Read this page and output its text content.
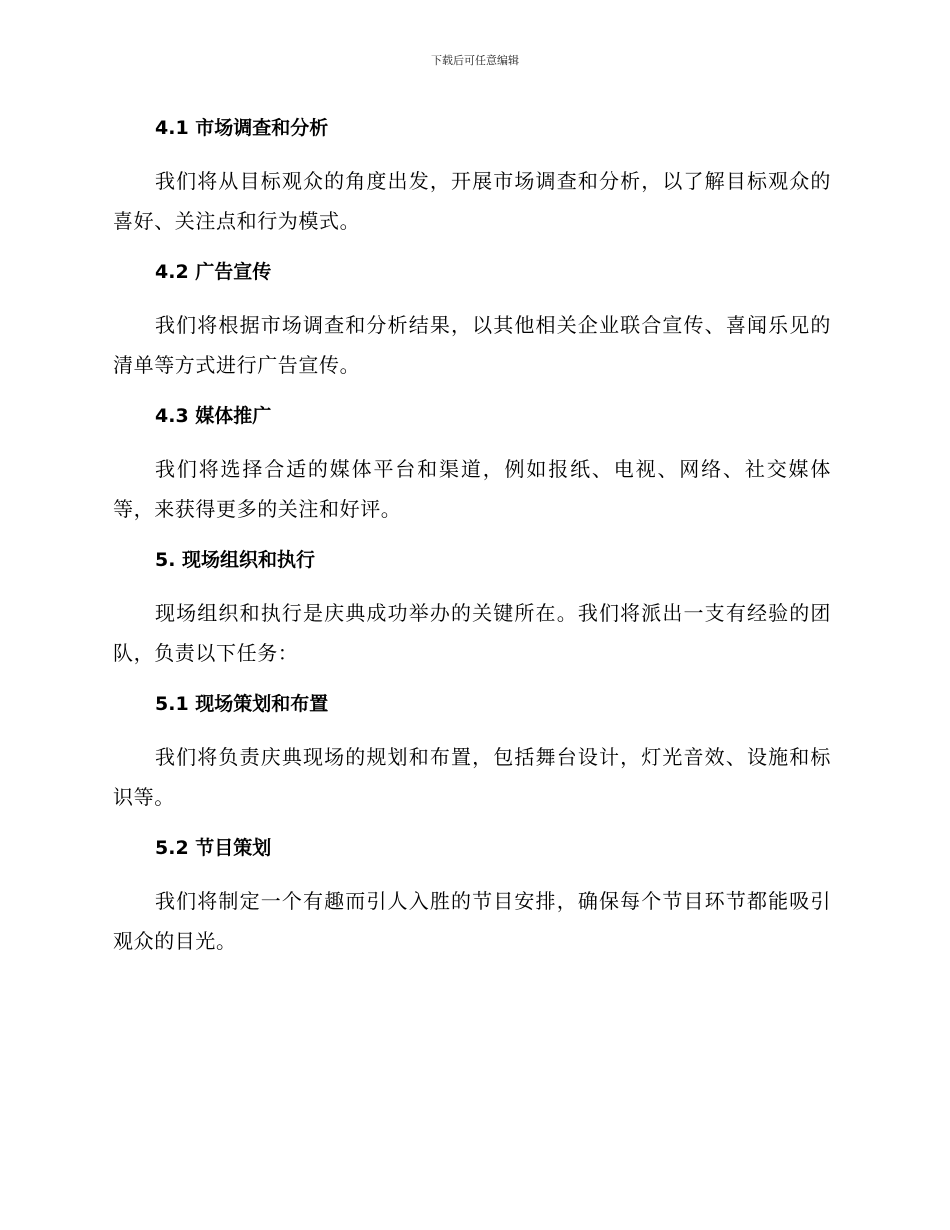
下载后可任意编辑
4.1 市场调查和分析

我们将从目标观众的角度出发，开展市场调查和分析，以了解目标观众的喜好、关注点和行为模式。

4.2 广告宣传

我们将根据市场调查和分析结果，以其他相关企业联合宣传、喜闻乐见的清单等方式进行广告宣传。

4.3 媒体推广

我们将选择合适的媒体平台和渠道，例如报纸、电视、网络、社交媒体等，来获得更多的关注和好评。

5. 现场组织和执行

现场组织和执行是庆典成功举办的关键所在。我们将派出一支有经验的团队，负责以下任务：

5.1 现场策划和布置

我们将负责庆典现场的规划和布置，包括舞台设计，灯光音效、设施和标识等。

5.2 节目策划

我们将制定一个有趣而引人入胜的节目安排，确保每个节目环节都能吸引观众的目光。
